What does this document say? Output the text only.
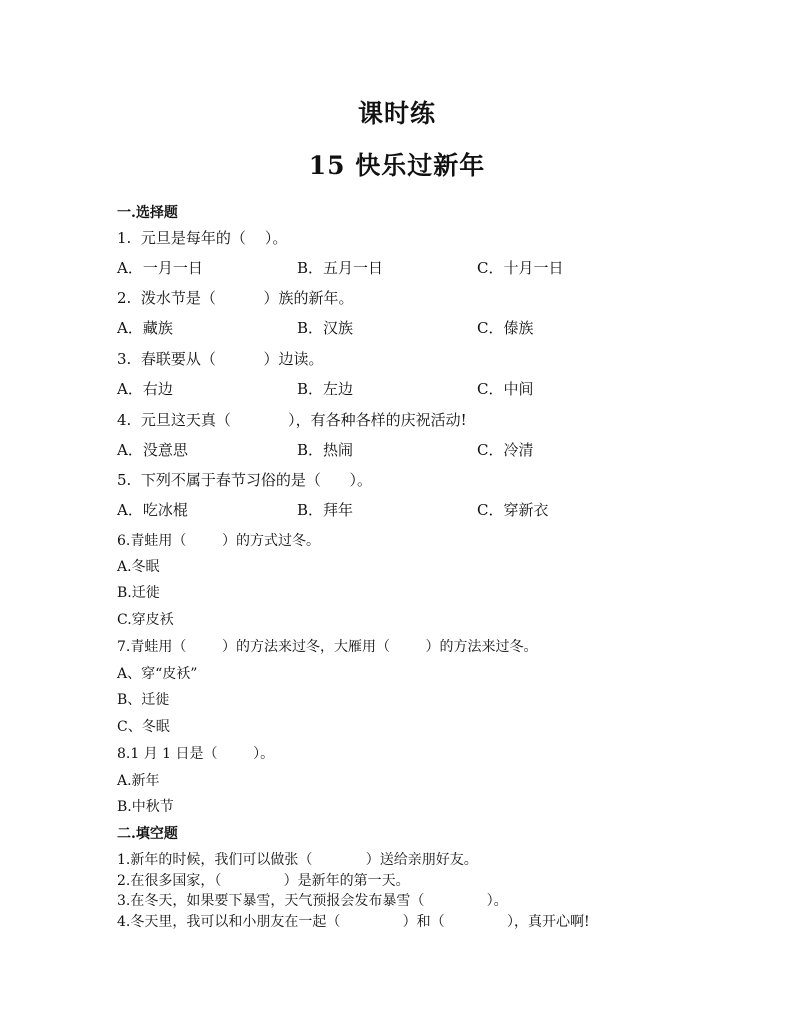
课时练
15 快乐过新年
一.选择题
1.  元旦是每年的（    ）。
A．一月一日	B．五月一日	C．十月一日
2.  泼水节是（          ）族的新年。
A．藏族	B．汉族	C．傣族
3.  春联要从（          ）边读。
A．右边	B．左边	C．中间
4.  元旦这天真（            ），有各种各样的庆祝活动!
A．没意思	B．热闹	C．冷清
5.  下列不属于春节习俗的是（      ）。
A．吃冰棍	B．拜年	C．穿新衣
6.青蛙用（        ）的方式过冬。
A.冬眠
B.迁徙
C.穿皮袄
7.青蛙用（        ）的方法来过冬，大雁用（        ）的方法来过冬。
A、穿“皮袄”
B、迁徙
C、冬眠
8.1 月 1 日是（        ）。
A.新年
B.中秋节
二.填空题
1.新年的时候，我们可以做张（            ）送给亲朋好友。
2.在很多国家，（              ）是新年的第一天。
3.在冬天，如果要下暴雪，天气预报会发布暴雪（              ）。
4.冬天里，我可以和小朋友在一起（              ）和（              ），真开心啊!
